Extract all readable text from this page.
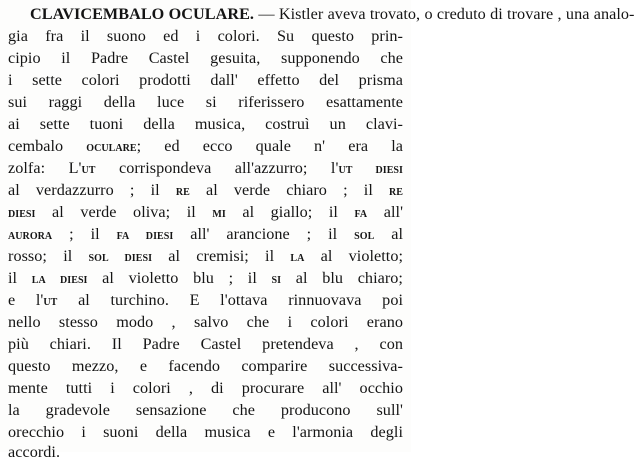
CLAVICEMBALO OCULARE. — Kistler aveva trovato, o creduto di trovare , una analo-
gia fra il suono ed i colori. Su questo prin-
cipio il Padre Castel gesuita, supponendo che
i sette colori prodotti dall' effetto del prisma
sui raggi della luce si riferissero esattamente
ai sette tuoni della musica, costruì un clavi-
cembalo oculare; ed ecco quale n' era la
zolfa: L'ut corrispondeva all'azzurro; l'ut diesi
al verdazzurro ; il re al verde chiaro ; il re
diesi al verde oliva; il mi al giallo; il fa all'
aurora ; il fa diesi all' arancione ; il sol al
rosso; il sol diesi al cremisi; il la al violetto;
il la diesi al violetto blu ; il si al blu chiaro;
e l'ut al turchino. E l'ottava rinnuovava poi
nello stesso modo , salvo che i colori erano
più chiari. Il Padre Castel pretendeva , con
questo mezzo, e facendo comparire successiva-
mente tutti i colori , di procurare all' occhio
la gradevole sensazione che producono sull'
orecchio i suoni della musica e l'armonia degli
accordi.
